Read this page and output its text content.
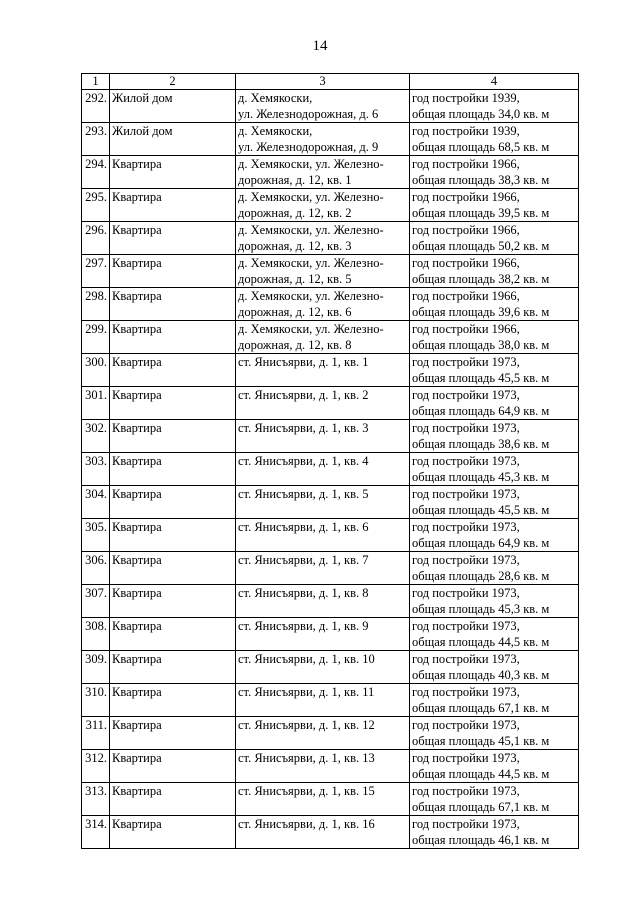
14
1	2	3	4

292.	Жилой дом	д. Хемякоски,
ул. Железнодорожная, д. 6	год постройки 1939,
общая площадь 34,0 кв. м

293.	Жилой дом	д. Хемякоски,
ул. Железнодорожная, д. 9	год постройки 1939,
общая площадь 68,5 кв. м

294.	Квартира	д. Хемякоски, ул. Железно-
дорожная, д. 12, кв. 1	год постройки 1966,
общая площадь 38,3 кв. м

295.	Квартира	д. Хемякоски, ул. Железно-
дорожная, д. 12, кв. 2	год постройки 1966,
общая площадь 39,5 кв. м

296.	Квартира	д. Хемякоски, ул. Железно-
дорожная, д. 12, кв. 3	год постройки 1966,
общая площадь 50,2 кв. м

297.	Квартира	д. Хемякоски, ул. Железно-
дорожная, д. 12, кв. 5	год постройки 1966,
общая площадь 38,2 кв. м

298.	Квартира	д. Хемякоски, ул. Железно-
дорожная, д. 12, кв. 6	год постройки 1966,
общая площадь 39,6 кв. м

299.	Квартира	д. Хемякоски, ул. Железно-
дорожная, д. 12, кв. 8	год постройки 1966,
общая площадь 38,0 кв. м

300.	Квартира	ст. Янисъярви, д. 1, кв. 1	год постройки 1973,
общая площадь 45,5 кв. м

301.	Квартира	ст. Янисъярви, д. 1, кв. 2	год постройки 1973,
общая площадь 64,9 кв. м

302.	Квартира	ст. Янисъярви, д. 1, кв. 3	год постройки 1973,
общая площадь 38,6 кв. м

303.	Квартира	ст. Янисъярви, д. 1, кв. 4	год постройки 1973,
общая площадь 45,3 кв. м

304.	Квартира	ст. Янисъярви, д. 1, кв. 5	год постройки 1973,
общая площадь 45,5 кв. м

305.	Квартира	ст. Янисъярви, д. 1, кв. 6	год постройки 1973,
общая площадь 64,9 кв. м

306.	Квартира	ст. Янисъярви, д. 1, кв. 7	год постройки 1973,
общая площадь 28,6 кв. м

307.	Квартира	ст. Янисъярви, д. 1, кв. 8	год постройки 1973,
общая площадь 45,3 кв. м

308.	Квартира	ст. Янисъярви, д. 1, кв. 9	год постройки 1973,
общая площадь 44,5 кв. м

309.	Квартира	ст. Янисъярви, д. 1, кв. 10	год постройки 1973,
общая площадь 40,3 кв. м

310.	Квартира	ст. Янисъярви, д. 1, кв. 11	год постройки 1973,
общая площадь 67,1 кв. м

311.	Квартира	ст. Янисъярви, д. 1, кв. 12	год постройки 1973,
общая площадь 45,1 кв. м

312.	Квартира	ст. Янисъярви, д. 1, кв. 13	год постройки 1973,
общая площадь 44,5 кв. м

313.	Квартира	ст. Янисъярви, д. 1, кв. 15	год постройки 1973,
общая площадь 67,1 кв. м

314.	Квартира	ст. Янисъярви, д. 1, кв. 16	год постройки 1973,
общая площадь 46,1 кв. м
